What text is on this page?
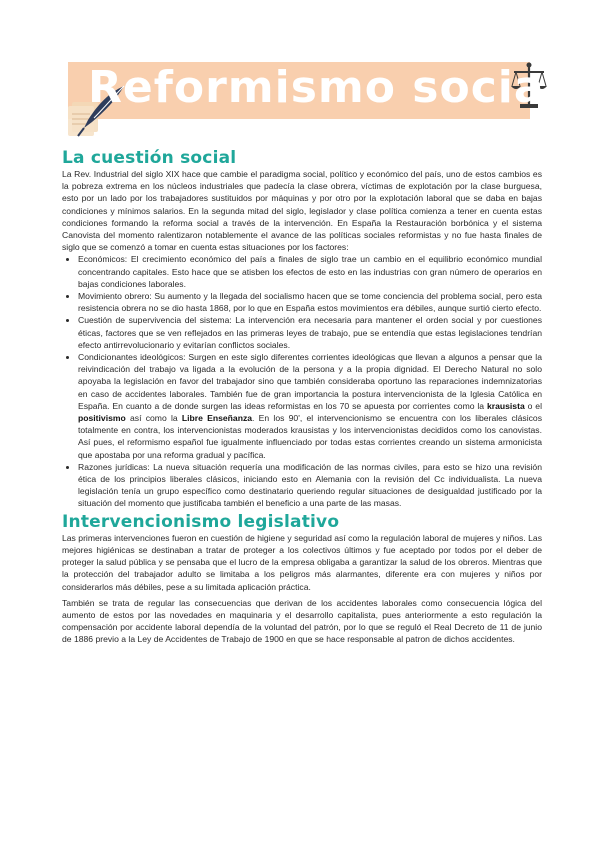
Reformismo social
La cuestión social

La Rev. Industrial del siglo XIX hace que cambie el paradigma social, político y económico del país, uno de estos cambios es la pobreza extrema en los núcleos industriales que padecía la clase obrera, víctimas de explotación por la clase burguesa, esto por un lado por los trabajadores sustituidos por máquinas y por otro por la explotación laboral que se daba en bajas condiciones y mínimos salarios. En la segunda mitad del siglo, legislador y clase política comienza a tener en cuenta estas condiciones formando la reforma social a través de la intervención. En España la Restauración borbónica y el sistema Canovista del momento ralentizaron notablemente el avance de las políticas sociales reformistas y no fue hasta finales de siglo que se comenzó a tomar en cuenta estas situaciones por los factores:

• Económicos: El crecimiento económico del país a finales de siglo trae un cambio en el equilibrio económico mundial concentrando capitales. Esto hace que se atisben los efectos de esto en las industrias con gran número de operarios en bajas condiciones laborales.
• Movimiento obrero: Su aumento y la llegada del socialismo hacen que se tome conciencia del problema social, pero esta resistencia obrera no se dio hasta 1868, por lo que en España estos movimientos era débiles, aunque surtió cierto efecto.
• Cuestión de supervivencia del sistema: La intervención era necesaria para mantener el orden social y por cuestiones éticas, factores que se ven reflejados en las primeras leyes de trabajo, pue se entendía que estas legislaciones tendrían efecto antirrevolucionario y evitarían conflictos sociales.
• Condicionantes ideológicos: Surgen en este siglo diferentes corrientes ideológicas que llevan a algunos a pensar que la reivindicación del trabajo va ligada a la evolución de la persona y a la propia dignidad. El Derecho Natural no solo apoyaba la legislación en favor del trabajador sino que también consideraba oportuno las reparaciones indemnizatorias en caso de accidentes laborales. También fue de gran importancia la postura intervencionista de la Iglesia Católica en España. En cuanto a de donde surgen las ideas reformistas en los 70 se apuesta por corrientes como la krausista o el positivismo así como la Libre Enseñanza. En los 90', el intervencionismo se encuentra con los liberales clásicos totalmente en contra, los intervencionistas moderados krausistas y los intervencionistas decididos como los canovistas. Así pues, el reformismo español fue igualmente influenciado por todas estas corrientes creando un sistema armonicista que apostaba por una reforma gradual y pacífica.
• Razones jurídicas: La nueva situación requería una modificación de las normas civiles, para esto se hizo una revisión ética de los principios liberales clásicos, iniciando esto en Alemania con la revisión del Cc individualista. La nueva legislación tenía un grupo específico como destinatario queriendo regular situaciones de desigualdad justificado por la situación del momento que justificaba también el beneficio a una parte de las masas.
Intervencionismo legislativo

Las primeras intervenciones fueron en cuestión de higiene y seguridad así como la regulación laboral de mujeres y niños. Las mejores higiénicas se destinaban a tratar de proteger a los colectivos últimos y fue aceptado por todos por el deber de proteger la salud pública y se pensaba que el lucro de la empresa obligaba a garantizar la salud de los obreros. Mientras que la protección del trabajador adulto se limitaba a los peligros más alarmantes, diferente era con mujeres y niños por considerarlos más débiles, pese a su limitada aplicación práctica.

También se trata de regular las consecuencias que derivan de los accidentes laborales como consecuencia lógica del aumento de estos por las novedades en maquinaria y el desarrollo capitalista, pues anteriormente a esto regulación la compensación por accidente laboral dependía de la voluntad del patrón, por lo que se reguló el Real Decreto de 11 de junio de 1886 previo a la Ley de Accidentes de Trabajo de 1900 en que se hace responsable al patron de dichos accidentes.
